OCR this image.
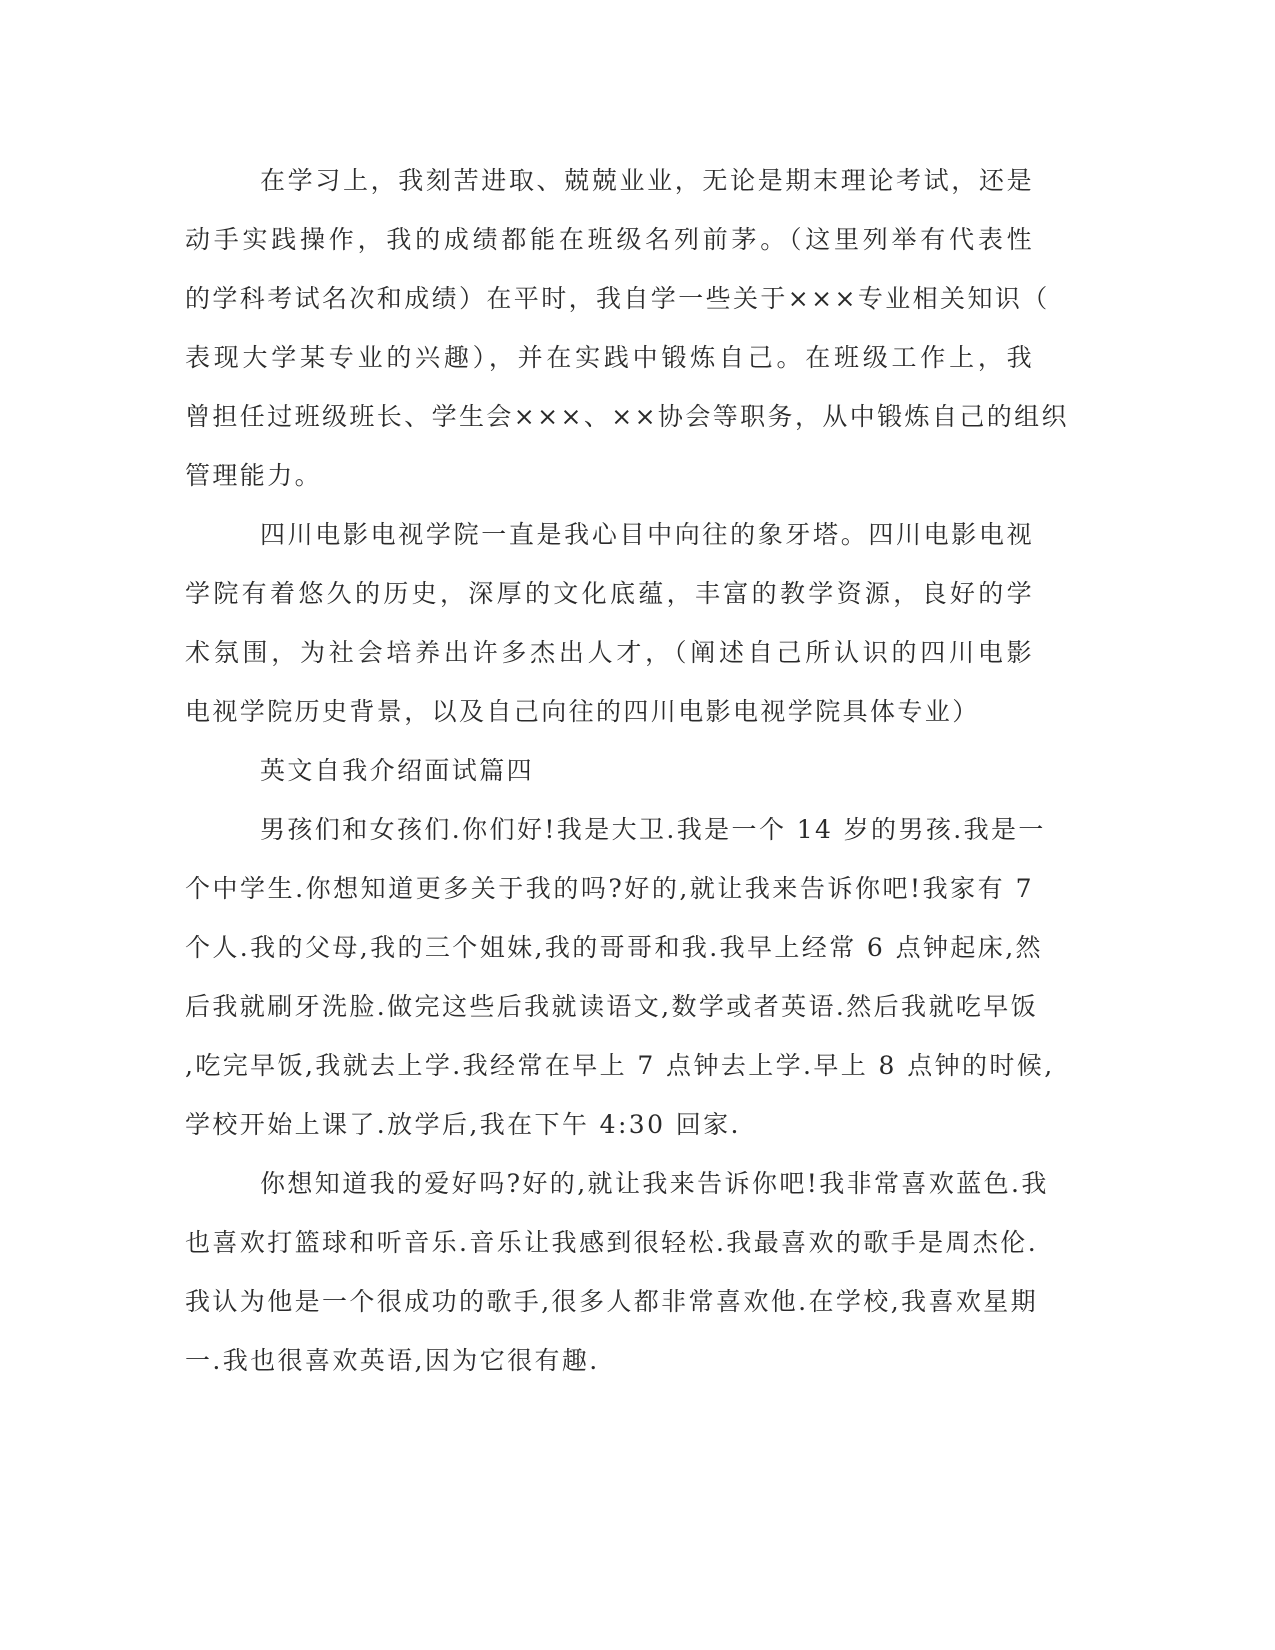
在学习上，我刻苦进取、兢兢业业，无论是期末理论考试，还是

动手实践操作，我的成绩都能在班级名列前茅。（这里列举有代表性

的学科考试名次和成绩）在平时，我自学一些关于×××专业相关知识（

表现大学某专业的兴趣），并在实践中锻炼自己。在班级工作上，我

曾担任过班级班长、学生会×××、××协会等职务，从中锻炼自己的组织

管理能力。

四川电影电视学院一直是我心目中向往的象牙塔。四川电影电视

学院有着悠久的历史，深厚的文化底蕴，丰富的教学资源，良好的学

术氛围，为社会培养出许多杰出人才，（阐述自己所认识的四川电影

电视学院历史背景，以及自己向往的四川电影电视学院具体专业）

英文自我介绍面试篇四

男孩们和女孩们.你们好!我是大卫.我是一个 14 岁的男孩.我是一

个中学生.你想知道更多关于我的吗?好的,就让我来告诉你吧!我家有 7

个人.我的父母,我的三个姐妹,我的哥哥和我.我早上经常 6 点钟起床,然

后我就刷牙洗脸.做完这些后我就读语文,数学或者英语.然后我就吃早饭

,吃完早饭,我就去上学.我经常在早上 7 点钟去上学.早上 8 点钟的时候,

学校开始上课了.放学后,我在下午 4:30 回家.

你想知道我的爱好吗?好的,就让我来告诉你吧!我非常喜欢蓝色.我

也喜欢打篮球和听音乐.音乐让我感到很轻松.我最喜欢的歌手是周杰伦.

我认为他是一个很成功的歌手,很多人都非常喜欢他.在学校,我喜欢星期

一.我也很喜欢英语,因为它很有趣.
